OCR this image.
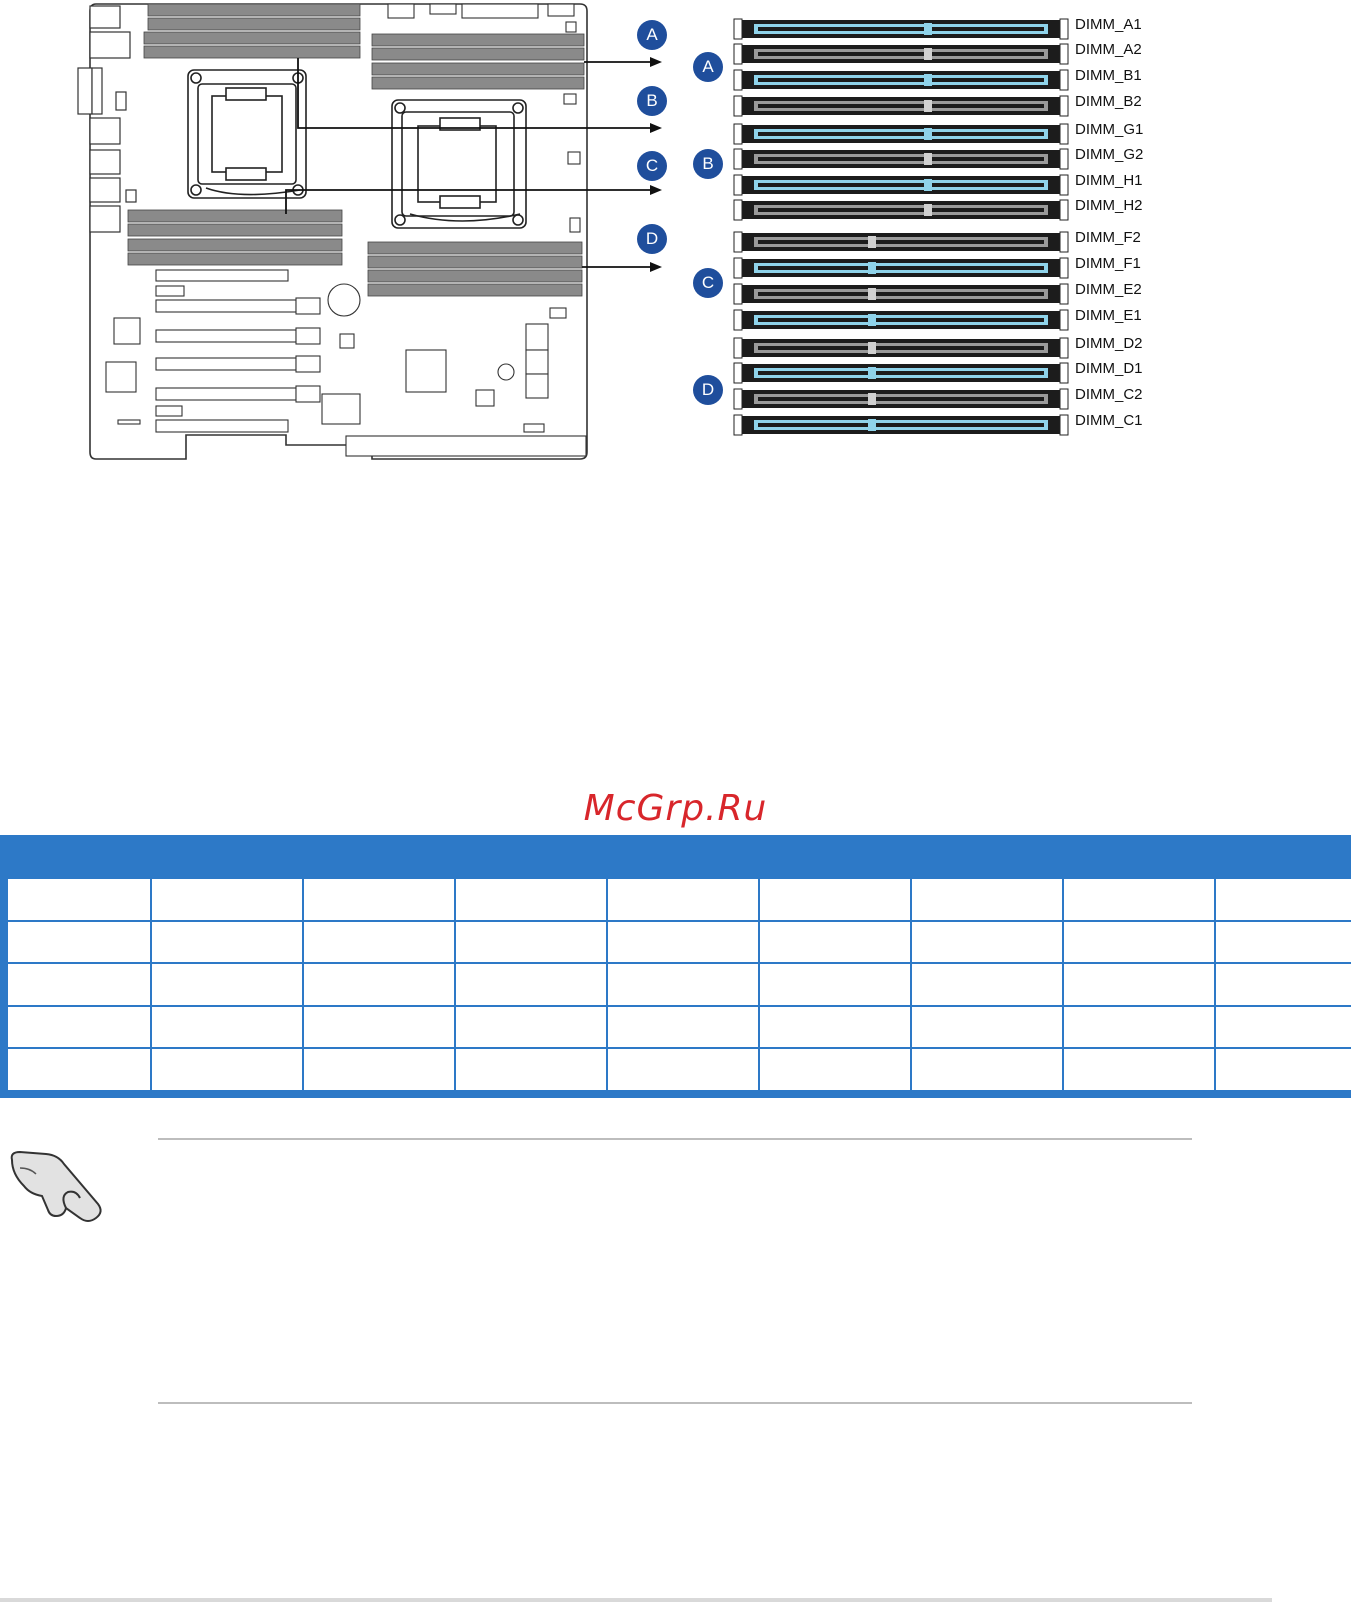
A
B
C
D
A
B
C
D
DIMM_A1
DIMM_A2
DIMM_B1
DIMM_B2
DIMM_G1
DIMM_G2
DIMM_H1
DIMM_H2
DIMM_F2
DIMM_F1
DIMM_E2
DIMM_E1
DIMM_D2
DIMM_D1
DIMM_C2
DIMM_C1
McGrp.Ru
